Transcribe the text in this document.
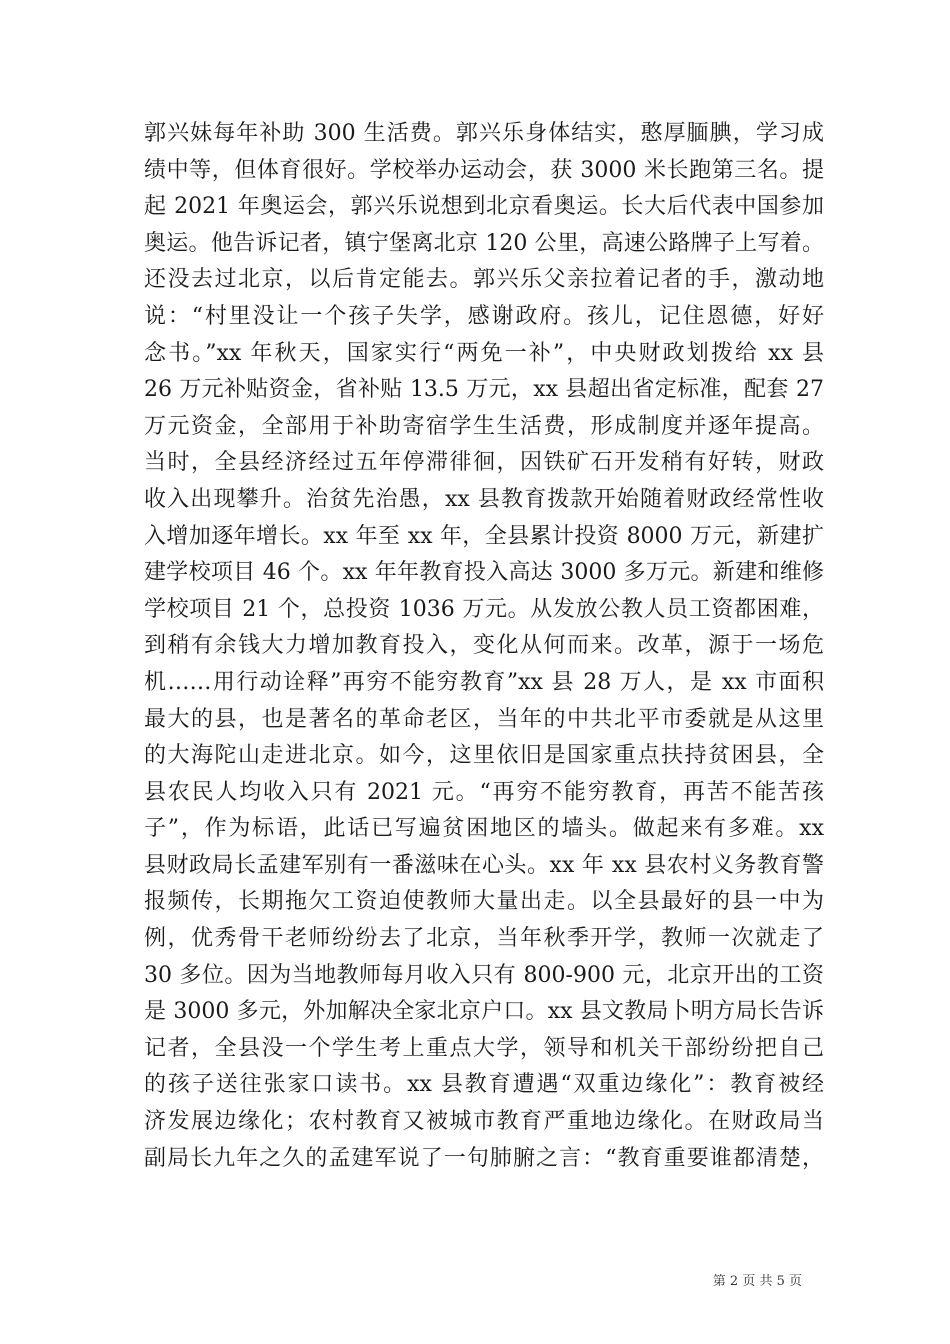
郭兴妹每年补助 300 生活费。郭兴乐身体结实，憨厚腼腆，学习成
绩中等，但体育很好。学校举办运动会，获 3000 米长跑第三名。提
起 2021 年奥运会，郭兴乐说想到北京看奥运。长大后代表中国参加
奥运。他告诉记者，镇宁堡离北京 120 公里，高速公路牌子上写着。
还没去过北京，以后肯定能去。郭兴乐父亲拉着记者的手，激动地
说：“村里没让一个孩子失学，感谢政府。孩儿，记住恩德，好好
念书。”xx 年秋天，国家实行“两免一补”，中央财政划拨给 xx 县
26 万元补贴资金，省补贴 13.5 万元，xx 县超出省定标准，配套 27
万元资金，全部用于补助寄宿学生生活费，形成制度并逐年提高。
当时，全县经济经过五年停滞徘徊，因铁矿石开发稍有好转，财政
收入出现攀升。治贫先治愚，xx 县教育拨款开始随着财政经常性收
入增加逐年增长。xx 年至 xx 年，全县累计投资 8000 万元，新建扩
建学校项目 46 个。xx 年年教育投入高达 3000 多万元。新建和维修
学校项目 21 个，总投资 1036 万元。从发放公教人员工资都困难，
到稍有余钱大力增加教育投入，变化从何而来。改革，源于一场危
机……用行动诠释”再穷不能穷教育”xx 县 28 万人，是 xx 市面积
最大的县，也是著名的革命老区，当年的中共北平市委就是从这里
的大海陀山走进北京。如今，这里依旧是国家重点扶持贫困县，全
县农民人均收入只有 2021 元。“再穷不能穷教育，再苦不能苦孩
子”，作为标语，此话已写遍贫困地区的墙头。做起来有多难。xx
县财政局长孟建军别有一番滋味在心头。xx 年 xx 县农村义务教育警
报频传，长期拖欠工资迫使教师大量出走。以全县最好的县一中为
例，优秀骨干老师纷纷去了北京，当年秋季开学，教师一次就走了
30 多位。因为当地教师每月收入只有 800-900 元，北京开出的工资
是 3000 多元，外加解决全家北京户口。xx 县文教局卜明方局长告诉
记者，全县没一个学生考上重点大学，领导和机关干部纷纷把自己
的孩子送往张家口读书。xx 县教育遭遇“双重边缘化”：教育被经
济发展边缘化；农村教育又被城市教育严重地边缘化。在财政局当
副局长九年之久的孟建军说了一句肺腑之言：“教育重要谁都清楚，
第 2 页 共 5 页
